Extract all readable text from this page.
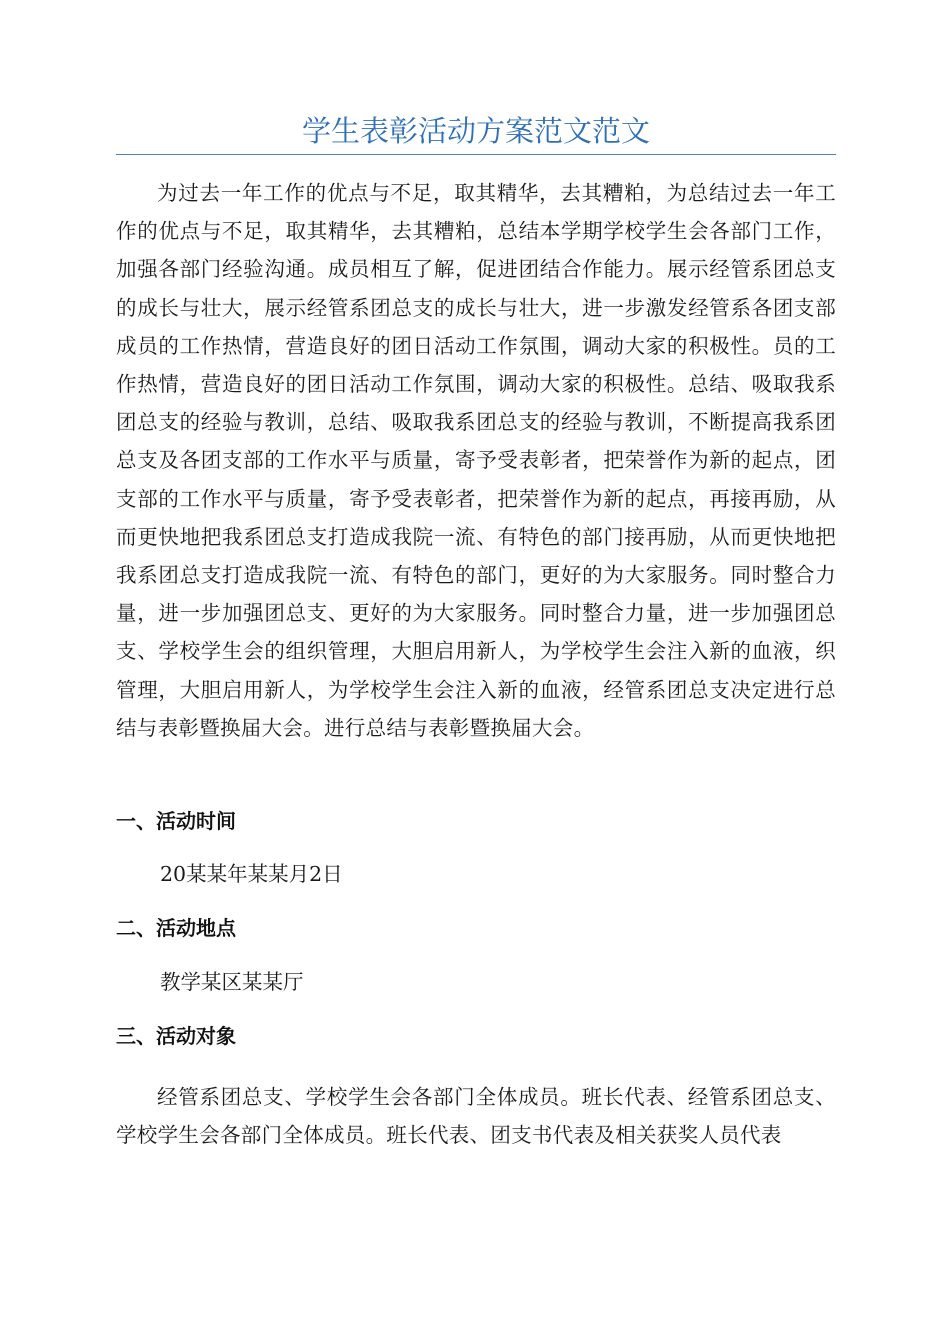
学生表彰活动方案范文范文

为过去一年工作的优点与不足，取其精华，去其糟粕，为总结过去一年工作的优点与不足，取其精华，去其糟粕，总结本学期学校学生会各部门工作，加强各部门经验沟通。成员相互了解，促进团结合作能力。展示经管系团总支的成长与壮大，展示经管系团总支的成长与壮大，进一步激发经管系各团支部成员的工作热情，营造良好的团日活动工作氛围，调动大家的积极性。员的工作热情，营造良好的团日活动工作氛围，调动大家的积极性。总结、吸取我系团总支的经验与教训，总结、吸取我系团总支的经验与教训，不断提高我系团总支及各团支部的工作水平与质量，寄予受表彰者，把荣誉作为新的起点，团支部的工作水平与质量，寄予受表彰者，把荣誉作为新的起点，再接再励，从而更快地把我系团总支打造成我院一流、有特色的部门接再励，从而更快地把我系团总支打造成我院一流、有特色的部门，更好的为大家服务。同时整合力量，进一步加强团总支、更好的为大家服务。同时整合力量，进一步加强团总支、学校学生会的组织管理，大胆启用新人，为学校学生会注入新的血液，织管理，大胆启用新人，为学校学生会注入新的血液，经管系团总支决定进行总结与表彰暨换届大会。进行总结与表彰暨换届大会。

一、活动时间

20某某年某某月2日

二、活动地点

教学某区某某厅

三、活动对象

经管系团总支、学校学生会各部门全体成员。班长代表、经管系团总支、学校学生会各部门全体成员。班长代表、团支书代表及相关获奖人员代表
